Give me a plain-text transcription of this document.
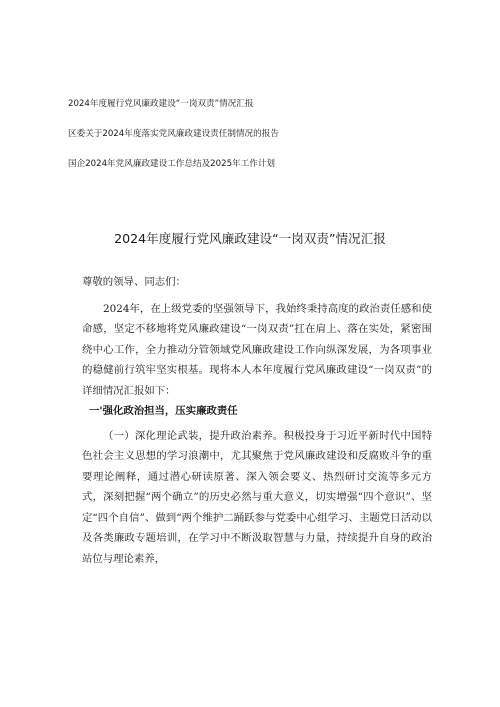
2024年度履行党风廉政建设“一岗双责”情况汇报
区委关于2024年度落实党风廉政建设责任制情况的报告
国企2024年党风廉政建设工作总结及2025年工作计划
2024年度履行党风廉政建设“一岗双责”情况汇报

尊敬的领导、同志们：

2024年，在上级党委的坚强领导下，我始终秉持高度的政治责任感和使命感，坚定不移地将党风廉政建设“一岗双责”扛在肩上、落在实处，紧密围绕中心工作，全力推动分管领域党风廉政建设工作向纵深发展，为各项事业的稳健前行筑牢坚实根基。现将本人本年度履行党风廉政建设“一岗双责”的详细情况汇报如下：

一'强化政治担当，压实廉政责任

（一）深化理论武装，提升政治素养。积极投身于习近平新时代中国特色社会主义思想的学习浪潮中，尤其聚焦于党风廉政建设和反腐败斗争的重要理论阐释，通过潜心研读原著、深入领会要义、热烈研讨交流等多元方式，深刻把握“两个确立”的历史必然与重大意义，切实增强“四个意识”、坚定“四个自信”、做到“两个维护二踊跃参与党委中心组学习、主题党日活动以及各类廉政专题培训，在学习中不断汲取智慧与力量，持续提升自身的政治站位与理论素养，
